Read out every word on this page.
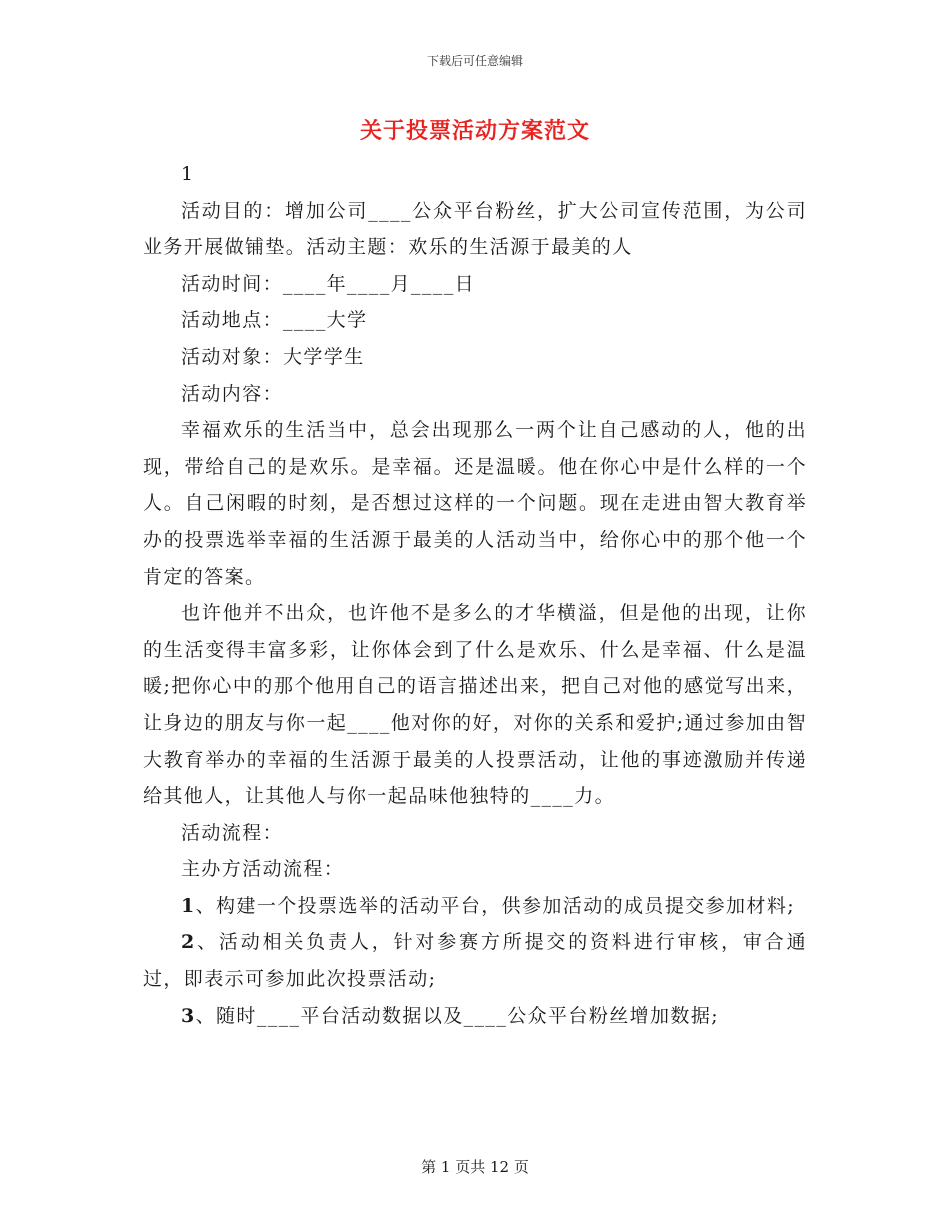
下载后可任意编辑
关于投票活动方案范文

1

活动目的：增加公司____公众平台粉丝，扩大公司宣传范围，为公司业务开展做铺垫。活动主题：欢乐的生活源于最美的人

活动时间：____年____月____日

活动地点：____大学

活动对象：大学学生

活动内容：

幸福欢乐的生活当中，总会出现那么一两个让自己感动的人，他的出现，带给自己的是欢乐。是幸福。还是温暖。他在你心中是什么样的一个人。自己闲暇的时刻，是否想过这样的一个问题。现在走进由智大教育举办的投票选举幸福的生活源于最美的人活动当中，给你心中的那个他一个肯定的答案。

也许他并不出众，也许他不是多么的才华横溢，但是他的出现，让你的生活变得丰富多彩，让你体会到了什么是欢乐、什么是幸福、什么是温暖;把你心中的那个他用自己的语言描述出来，把自己对他的感觉写出来，让身边的朋友与你一起____他对你的好，对你的关系和爱护;通过参加由智大教育举办的幸福的生活源于最美的人投票活动，让他的事迹激励并传递给其他人，让其他人与你一起品味他独特的____力。

活动流程：

主办方活动流程：

1、构建一个投票选举的活动平台，供参加活动的成员提交参加材料;

2、活动相关负责人，针对参赛方所提交的资料进行审核，审合通过，即表示可参加此次投票活动;

3、随时____平台活动数据以及____公众平台粉丝增加数据;

第 1 页共 12 页
